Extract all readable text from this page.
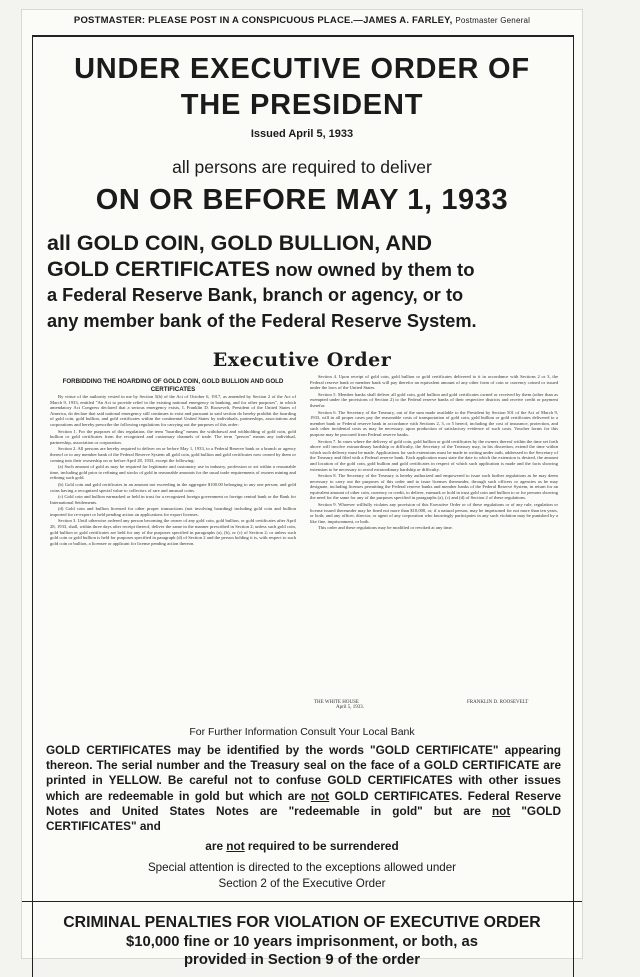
POSTMASTER: PLEASE POST IN A CONSPICUOUS PLACE.—JAMES A. FARLEY, Postmaster General
UNDER EXECUTIVE ORDER OF
THE PRESIDENT
Issued April 5, 1933
all persons are required to deliver
ON OR BEFORE MAY 1, 1933
all GOLD COIN, GOLD BULLION, AND
GOLD CERTIFICATES now owned by them to
a Federal Reserve Bank, branch or agency, or to
any member bank of the Federal Reserve System.
Executive Order
FORBIDDING THE HOARDING OF GOLD COIN, GOLD BULLION AND GOLD CERTIFICATES

By virtue of the authority vested in me by Section 5(b) of the Act of October 6, 1917, as amended by Section 2 of the Act of March 9, 1933, entitled "An Act to provide relief in the existing national emergency in banking, and for other purposes", in which amendatory Act Congress declared that a serious emergency exists, I, Franklin D. Roosevelt, President of the United States of America, do declare that said national emergency still continues to exist and pursuant to said section do hereby prohibit the hoarding of gold coin, gold bullion, and gold certificates within the continental United States by individuals, partnerships, associations and corporations and hereby prescribe the following regulations for carrying out the purposes of this order:

Section 1. For the purposes of this regulation, the term "hoarding" means the withdrawal and withholding of gold coin, gold bullion or gold certificates from the recognized and customary channels of trade. The term "person" means any individual, partnership, association or corporation.

Section 2. All persons are hereby required to deliver on or before May 1, 1933, to a Federal Reserve bank or a branch or agency thereof or to any member bank of the Federal Reserve System all gold coin, gold bullion and gold certificates now owned by them or coming into their ownership on or before April 28, 1933, except the following:

(a) Such amount of gold as may be required for legitimate and customary use in industry, profession or art within a reasonable time, including gold prior to refining and stocks of gold in reasonable amounts for the usual trade requirements of owners mining and refining such gold.

(b) Gold coin and gold certificates in an amount not exceeding in the aggregate $100.00 belonging to any one person; and gold coins having a recognized special value to collectors of rare and unusual coins.

(c) Gold coin and bullion earmarked or held in trust for a recognized foreign government or foreign central bank or the Bank for International Settlements.

(d) Gold coin and bullion licensed for other proper transactions (not involving hoarding) including gold coin and bullion imported for re-export or held pending action on applications for export licenses.

Section 3. Until otherwise ordered any person becoming the owner of any gold coin, gold bullion, or gold certificates after April 28, 1933, shall, within three days after receipt thereof, deliver the same in the manner prescribed in Section 2; unless such gold coin, gold bullion or gold certificates are held for any of the purposes specified in paragraphs (a), (b), or (c) of Section 2; or unless such gold coin or gold bullion is held for purposes specified in paragraph (d) of Section 2 and the person holding it is, with respect to such gold coin or bullion, a licensee or applicant for license pending action thereon.

Section 4. Upon receipt of gold coin, gold bullion or gold certificates delivered to it in accordance with Sections 2 or 3, the Federal reserve bank or member bank will pay therefor an equivalent amount of any other form of coin or currency coined or issued under the laws of the United States.

Section 5. Member banks shall deliver all gold coin, gold bullion and gold certificates owned or received by them (other than as exempted under the provisions of Section 2) to the Federal reserve banks of their respective districts and receive credit or payment therefor.

Section 6. The Secretary of the Treasury, out of the sum made available to the President by Section 501 of the Act of March 9, 1933, will in all proper cases pay the reasonable costs of transportation of gold coin, gold bullion or gold certificates delivered to a member bank or Federal reserve bank in accordance with Sections 2, 3, or 5 hereof, including the cost of insurance, protection, and such other incidental costs as may be necessary, upon production of satisfactory evidence of such costs. Voucher forms for this purpose may be procured from Federal reserve banks.

Section 7. In cases where the delivery of gold coin, gold bullion or gold certificates by the owners thereof within the time set forth above will involve extraordinary hardship or difficulty, the Secretary of the Treasury may, in his discretion, extend the time within which such delivery must be made. Applications for such extensions must be made in writing under oath, addressed to the Secretary of the Treasury and filed with a Federal reserve bank. Each application must state the date to which the extension is desired, the amount and location of the gold coin, gold bullion and gold certificates in respect of which such application is made and the facts showing extension to be necessary to avoid extraordinary hardship or difficulty.

Section 8. The Secretary of the Treasury is hereby authorized and empowered to issue such further regulations as he may deem necessary to carry out the purposes of this order and to issue licenses thereunder, through such officers or agencies as he may designate, including licenses permitting the Federal reserve banks and member banks of the Federal Reserve System, in return for an equivalent amount of other coin, currency or credit, to deliver, earmark or hold in trust gold coin and bullion to or for persons showing the need for the same for any of the purposes specified in paragraphs (a), (c) and (d) of Section 2 of these regulations.

Section 9. Whoever willfully violates any provision of this Executive Order or of these regulations or of any rule, regulation or license issued thereunder may be fined not more than $10,000, or, if a natural person, may be imprisoned for not more than ten years, or both; and any officer, director, or agent of any corporation who knowingly participates in any such violation may be punished by a like fine, imprisonment, or both.

This order and these regulations may be modified or revoked at any time.

THE WHITE HOUSE
April 5, 1933.
FRANKLIN D. ROOSEVELT
For Further Information Consult Your Local Bank
GOLD CERTIFICATES may be identified by the words "GOLD CERTIFICATE" appearing thereon. The serial number and the Treasury seal on the face of a GOLD CERTIFICATE are printed in YELLOW. Be careful not to confuse GOLD CERTIFICATES with other issues which are redeemable in gold but which are not GOLD CERTIFICATES. Federal Reserve Notes and United States Notes are "redeemable in gold" but are not "GOLD CERTIFICATES" and
are not required to be surrendered
Special attention is directed to the exceptions allowed under
Section 2 of the Executive Order
CRIMINAL PENALTIES FOR VIOLATION OF EXECUTIVE ORDER
$10,000 fine or 10 years imprisonment, or both, as
provided in Section 9 of the order
